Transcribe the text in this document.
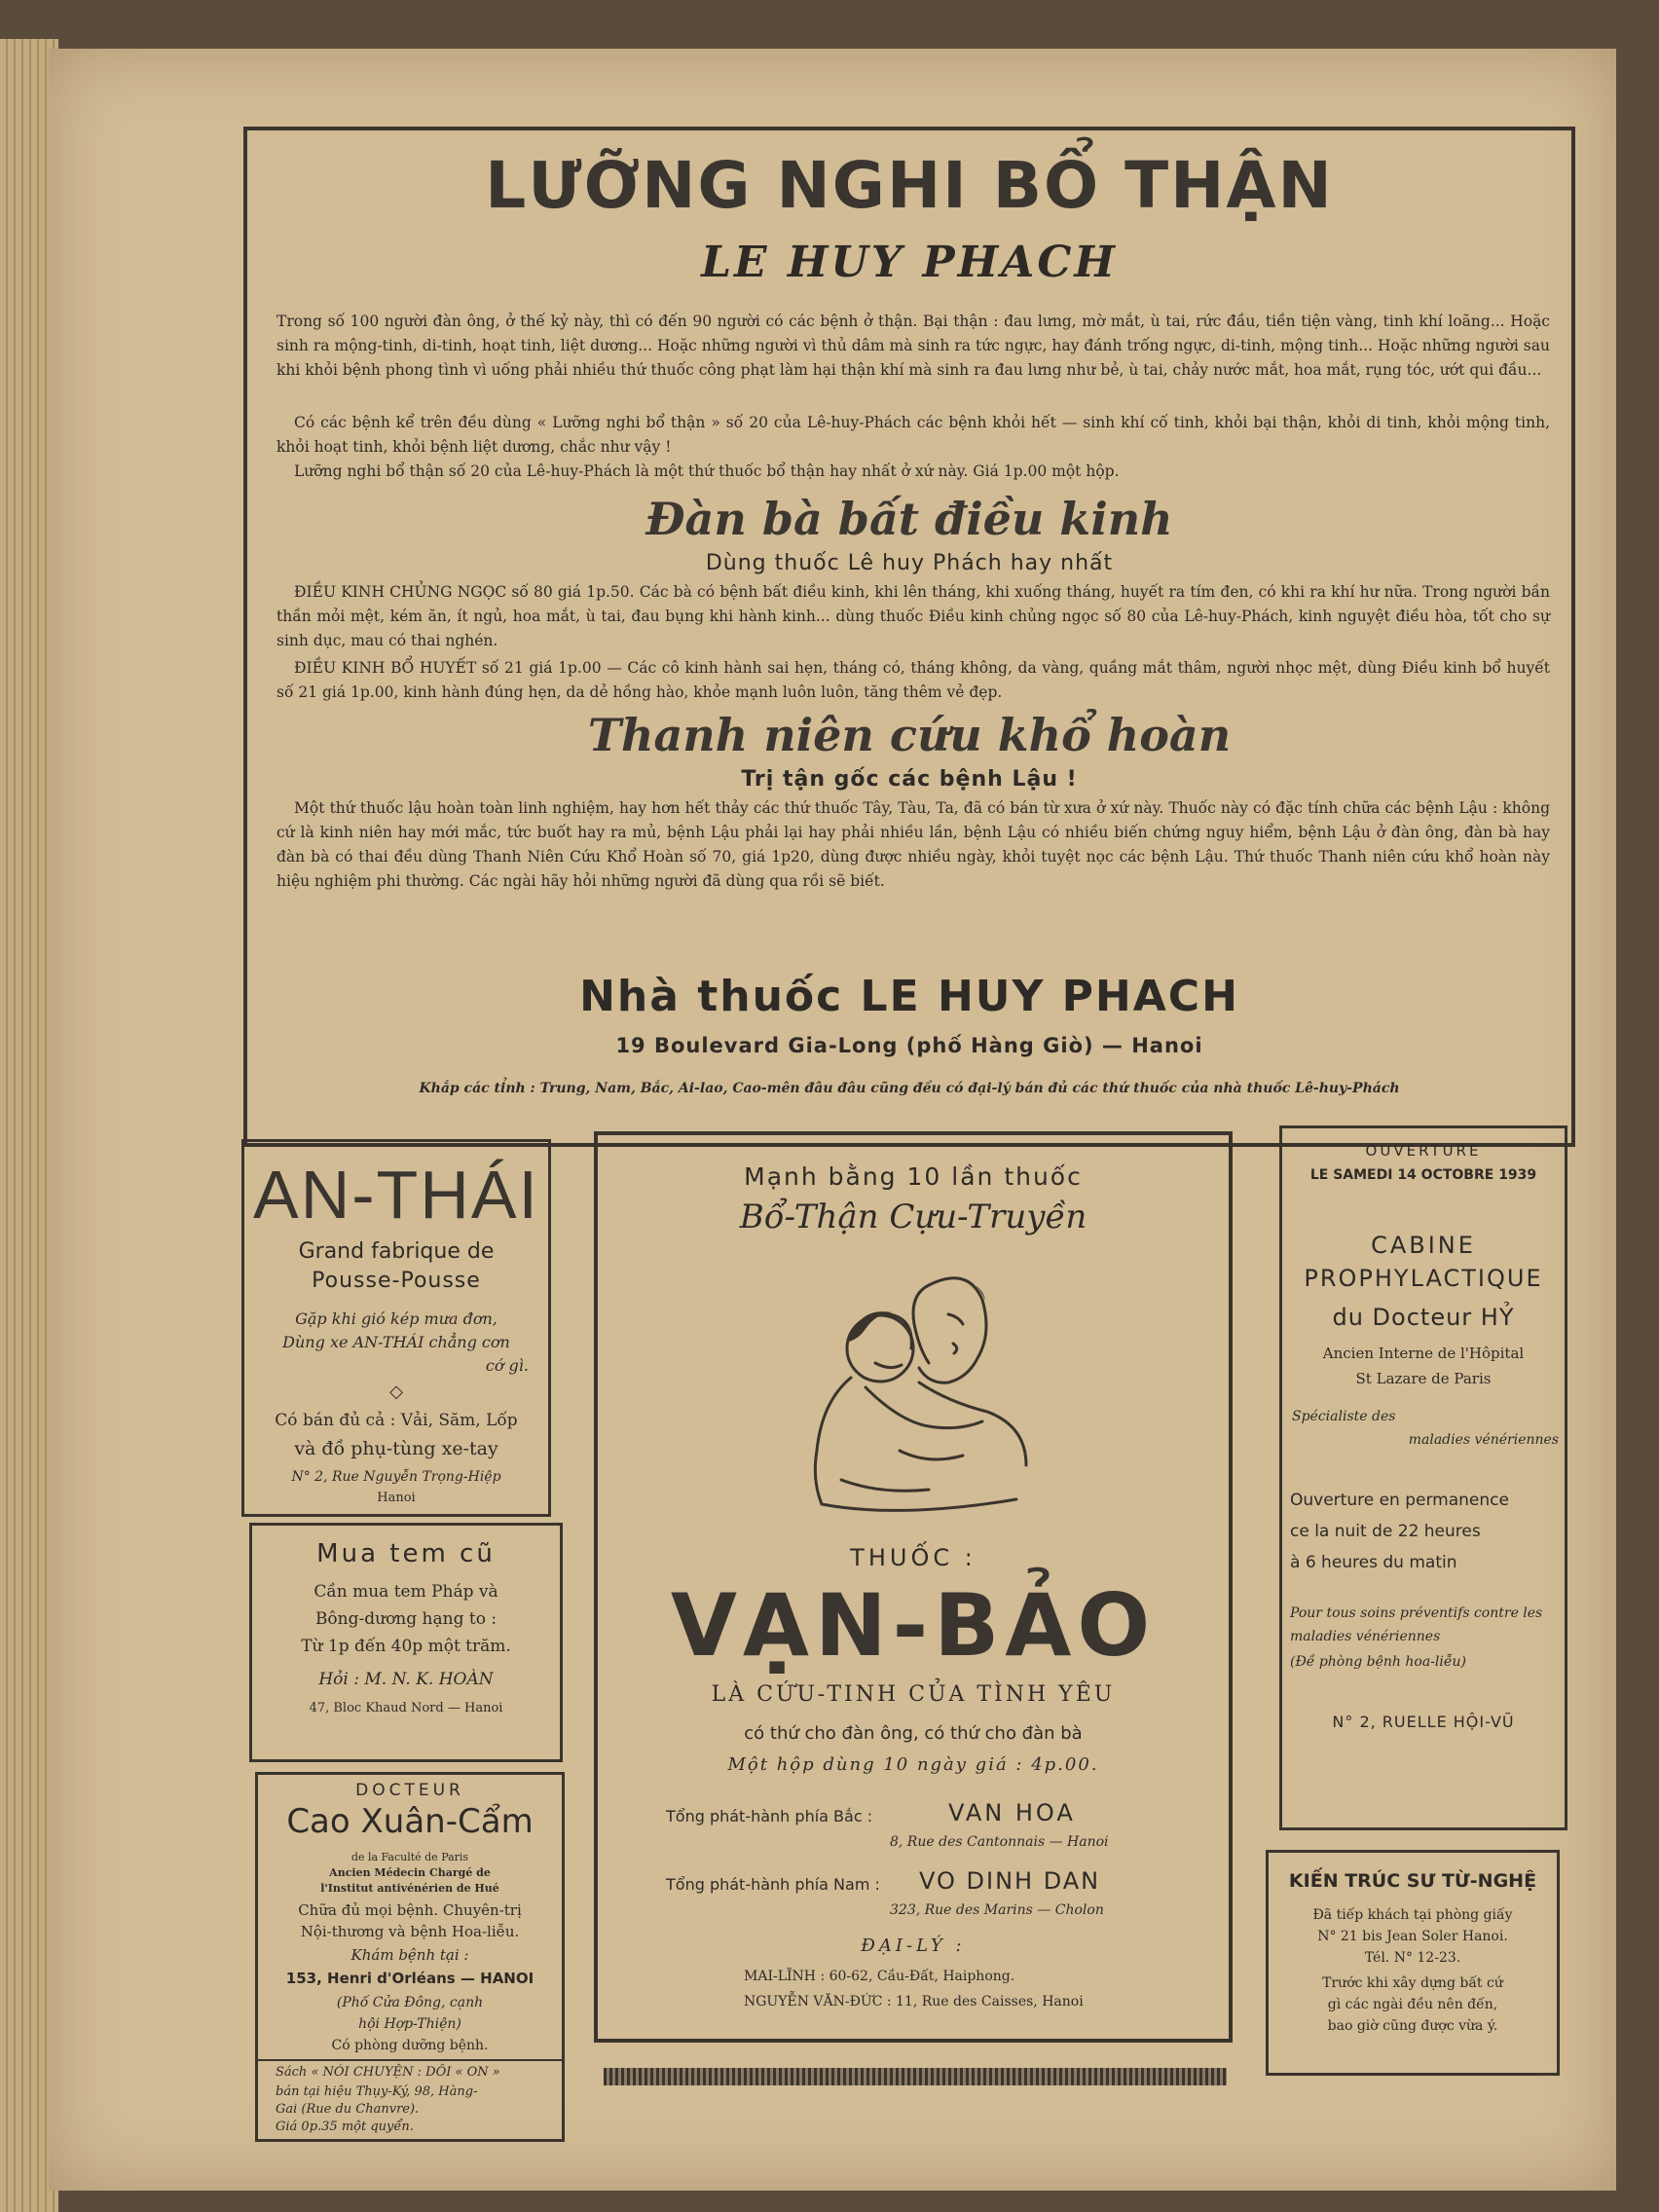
LƯỠNG NGHI BỔ THẬN
LE HUY PHACH
Trong số 100 người đàn ông, ở thế kỷ này, thì có đến 90 người có các bệnh ở thận. Bại thận : đau lưng, mờ mắt, ù tai, rức đầu, tiền tiện vàng, tinh khí loãng... Hoặc sinh ra mộng-tinh, di-tinh, hoạt tinh, liệt dương... Hoặc những người vì thủ dâm mà sinh ra tức ngực, hay đánh trống ngực, di-tinh, mộng tinh... Hoặc những người sau khi khỏi bệnh phong tình vì uống phải nhiều thứ thuốc công phạt làm hại thận khí mà sinh ra đau lưng như bẻ, ù tai, chảy nước mắt, hoa mắt, rụng tóc, ướt qui đầu...
Có các bệnh kể trên đều dùng « Lưỡng nghi bổ thận » số 20 của Lê-huy-Phách các bệnh khỏi hết — sinh khí cố tinh, khỏi bại thận, khỏi di tinh, khỏi mộng tinh, khỏi hoạt tinh, khỏi bệnh liệt dương, chắc như vậy !
Lưỡng nghi bổ thận số 20 của Lê-huy-Phách là một thứ thuốc bổ thận hay nhất ở xứ này. Giá 1p.00 một hộp.
Đàn bà bất điều kinh
Dùng thuốc Lê huy Phách hay nhất
ĐIỀU KINH CHỦNG NGỌC số 80 giá 1p.50. Các bà có bệnh bất điều kinh, khi lên tháng, khi xuống tháng, huyết ra tím đen, có khi ra khí hư nữa. Trong người bần thần mỏi mệt, kém ăn, ít ngủ, hoa mắt, ù tai, đau bụng khi hành kinh... dùng thuốc Điều kinh chủng ngọc số 80 của Lê-huy-Phách, kinh nguyệt điều hòa, tốt cho sự sinh dục, mau có thai nghén.
ĐIỀU KINH BỔ HUYẾT số 21 giá 1p.00 — Các cô kinh hành sai hẹn, tháng có, tháng không, da vàng, quầng mắt thâm, người nhọc mệt, dùng Điều kinh bổ huyết số 21 giá 1p.00, kinh hành đúng hẹn, da dẻ hồng hào, khỏe mạnh luôn luôn, tăng thêm vẻ đẹp.
Thanh niên cứu khổ hoàn
Trị tận gốc các bệnh Lậu !
Một thứ thuốc lậu hoàn toàn linh nghiệm, hay hơn hết thảy các thứ thuốc Tây, Tàu, Ta, đã có bán từ xưa ở xứ này. Thuốc này có đặc tính chữa các bệnh Lậu : không cứ là kinh niên hay mới mắc, tức buốt hay ra mủ, bệnh Lậu phải lại hay phải nhiều lần, bệnh Lậu có nhiều biến chứng nguy hiểm, bệnh Lậu ở đàn ông, đàn bà hay đàn bà có thai đều dùng Thanh Niên Cứu Khổ Hoàn số 70, giá 1p20, dùng được nhiều ngày, khỏi tuyệt nọc các bệnh Lậu. Thứ thuốc Thanh niên cứu khổ hoàn này hiệu nghiệm phi thường. Các ngài hãy hỏi những người đã dùng qua rồi sẽ biết.
Nhà thuốc LE HUY PHACH
19 Boulevard Gia-Long (phố Hàng Giò) — Hanoi
Khắp các tỉnh : Trung, Nam, Bắc, Ai-lao, Cao-mên đâu đâu cũng đều có đại-lý bán đủ các thứ thuốc của nhà thuốc Lê-huy-Phách
AN-THÁI
Grand fabrique de
Pousse-Pousse
Gặp khi gió kép mưa đơn,
Dùng xe AN-THÁI chẳng cơn
cớ gì.
◇
Có bán đủ cả : Vải, Săm, Lốp
và đồ phụ-tùng xe-tay
N° 2, Rue Nguyễn Trọng-Hiệp
Hanoi
Mua tem cũ
Cần mua tem Pháp và
Bông-dương hạng to :
Từ 1p đến 40p một trăm.
Hỏi : M. N. K. HOÀN
47, Bloc Khaud Nord — Hanoi
DOCTEUR
Cao Xuân-Cẩm
de la Faculté de Paris
Ancien Médecin Chargé de
l'Institut antivénérien de Hué
Chữa đủ mọi bệnh. Chuyên-trị
Nội-thương và bệnh Hoa-liễu.
Khám bệnh tại :
153, Henri d'Orléans — HANOI
(Phố Cửa Đông, cạnh
hội Hợp-Thiện)
Có phòng dưỡng bệnh.
Sách « NÓI CHUYỆN : DÔI « ON »
bán tại hiệu Thụy-Ký, 98, Hàng-
Gai (Rue du Chanvre).
Giá 0p.35 một quyển.
Mạnh bằng 10 lần thuốc
Bổ-Thận Cựu-Truyền
THUỐC :
VẠN-BẢO
LÀ CỨU-TINH CỦA TÌNH YÊU
có thứ cho đàn ông, có thứ cho đàn bà
Một hộp dùng 10 ngày giá : 4p.00.
Tổng phát-hành phía Bắc :	VAN HOA
8, Rue des Cantonnais — Hanoi
Tổng phát-hành phía Nam : VO DINH DAN
323, Rue des Marins — Cholon
ĐẠI-LÝ :
MAI-LĨNH : 60-62, Cầu-Đất, Haiphong.
NGUYỄN VĂN-ĐỨC : 11, Rue des Caisses, Hanoi
OUVERTURE
LE SAMEDI 14 OCTOBRE 1939
CABINE
PROPHYLACTIQUE
du Docteur HỶ
Ancien Interne de l'Hôpital
St Lazare de Paris
Spécialiste des
maladies vénériennes
Ouverture en permanence
ce la nuit de 22 heures
à 6 heures du matin
Pour tous soins préventifs contre les maladies vénériennes
(Đề phòng bệnh hoa-liễu)
N° 2, RUELLE HỘI-VŨ
KIẾN TRÚC SƯ TỪ-NGHỆ
Đã tiếp khách tại phòng giấy
N° 21 bis Jean Soler Hanoi.
Tél. N° 12-23.
Trước khi xây dựng bất cứ
gì các ngài đều nên đến,
bao giờ cũng được vừa ý.
